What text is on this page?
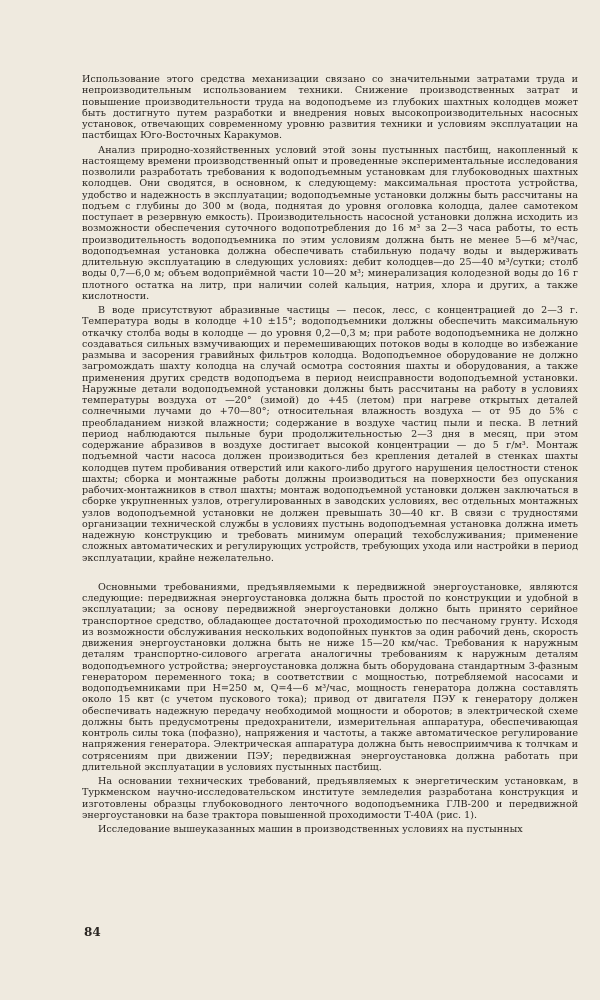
Использование этого средства механизации связано со значительными затратами труда и непроизводительным использованием техники. Снижение производственных затрат и повышение производительности труда на водоподъеме из глубоких шахтных колодцев может быть достигнуто путем разработки и внедрения новых высокопроизводительных насосных установок, отвечающих современному уровню развития техники и условиям эксплуатации на пастбищах Юго-Восточных Каракумов.

Анализ природно-хозяйственных условий этой зоны пустынных пастбищ, накопленный к настоящему времени производственный опыт и проведенные экспериментальные исследования позволили разработать требования к водоподъемным установкам для глубоководных шахтных колодцев. Они сводятся, в основном, к следующему: максимальная простота устройства, удобство и надежность в эксплуатации; водоподъемные установки должны быть рассчитаны на подъем с глубины до 300 м (вода, поднятая до уровня оголовка колодца, далее самотеком поступает в резервную емкость). Производительность насосной установки должна исходить из возможности обеспечения суточного водопотребления до 16 м³ за 2—3 часа работы, то есть производительность водоподъемника по этим условиям должна быть не менее 5—6 м³/час, водоподъемная установка должна обеспечивать стабильную подачу воды и выдерживать длительную эксплуатацию в следующих условиях: дебит колодцев—до 25—40 м³/сутки; столб воды 0,7—6,0 м; объем водоприёмной части 10—20 м³; минерализация колодезной воды до 16 г плотного остатка на литр, при наличии солей кальция, натрия, хлора и других, а также кислотности.

В воде присутствуют абразивные частицы — песок, лесс, с концентрацией до 2—3 г. Температура воды в колодце +10 ±15°; водоподъемники должны обеспечить максимальную откачку столба воды в колодце — до уровня 0,2—0,3 м; при работе водоподъемника не должно создаваться сильных взмучивающих и перемешивающих потоков воды в колодце во избежание размыва и засорения гравийных фильтров колодца. Водоподъемное оборудование не должно загромождать шахту колодца на случай осмотра состояния шахты и оборудования, а также применения других средств водоподъема в период неисправности водоподъемной установки. Наружные детали водоподъемной установки должны быть рассчитаны на работу в условиях температуры воздуха от —20° (зимой) до +45 (летом) при нагреве открытых деталей солнечными лучами до +70—80°; относительная влажность воздуха — от 95 до 5% с преобладанием низкой влажности; содержание в воздухе частиц пыли и песка. В летний период наблюдаются пыльные бури продолжительностью 2—3 дня в месяц, при этом содержание абразивов в воздухе достигает высокой концентрации — до 5 г/м³. Монтаж подъемной части насоса должен производиться без крепления деталей в стенках шахты колодцев путем пробивания отверстий или какого-либо другого нарушения целостности стенок шахты; сборка и монтажные работы должны производиться на поверхности без опускания рабочих-монтажников в ствол шахты; монтаж водоподъемной установки должен заключаться в сборке укрупненных узлов, отрегулированных в заводских условиях, вес отдельных монтажных узлов водоподъемной установки не должен превышать 30—40 кг. В связи с трудностями организации технической службы в условиях пустынь водоподъемная установка должна иметь надежную конструкцию и требовать минимум операций техобслуживания; применение сложных автоматических и регулирующих устройств, требующих ухода или настройки в период эксплуатации, крайне нежелательно.

Основными требованиями, предъявляемыми к передвижной энергоустановке, являются следующие: передвижная энергоустановка должна быть простой по конструкции и удобной в эксплуатации; за основу передвижной энергоустановки должно быть принято серийное транспортное средство, обладающее достаточной проходимостью по песчаному грунту. Исходя из возможности обслуживания нескольких водопойных пунктов за один рабочий день, скорость движения энергоустановки должна быть не ниже 15—20 км/час. Требования к наружным деталям транспортно-силового агрегата аналогичны требованиям к наружным деталям водоподъемного устройства; энергоустановка должна быть оборудована стандартным 3-фазным генератором переменного тока; в соответствии с мощностью, потребляемой насосами и водоподъемниками при H=250 м, Q=4—6 м³/час, мощность генератора должна составлять около 15 квт (с учетом пускового тока); привод от двигателя ПЭУ к генератору должен обеспечивать надежную передачу необходимой мощности и оборотов; в электрической схеме должны быть предусмотрены предохранители, измерительная аппаратура, обеспечивающая контроль силы тока (пофазно), напряжения и частоты, а также автоматическое регулирование напряжения генератора. Электрическая аппаратура должна быть невосприимчива к толчкам и сотрясениям при движении ПЭУ; передвижная энергоустановка должна работать при длительной эксплуатации в условиях пустынных пастбищ.

На основании технических требований, предъявляемых к энергетическим установкам, в Туркменском научно-исследовательском институте земледелия разработана конструкция и изготовлены образцы глубоководного ленточного водоподъемника ГЛВ-200 и передвижной энергоустановки на базе трактора повышенной проходимости Т-40А (рис. 1).

Исследование вышеуказанных машин в производственных условиях на пустынных

84
